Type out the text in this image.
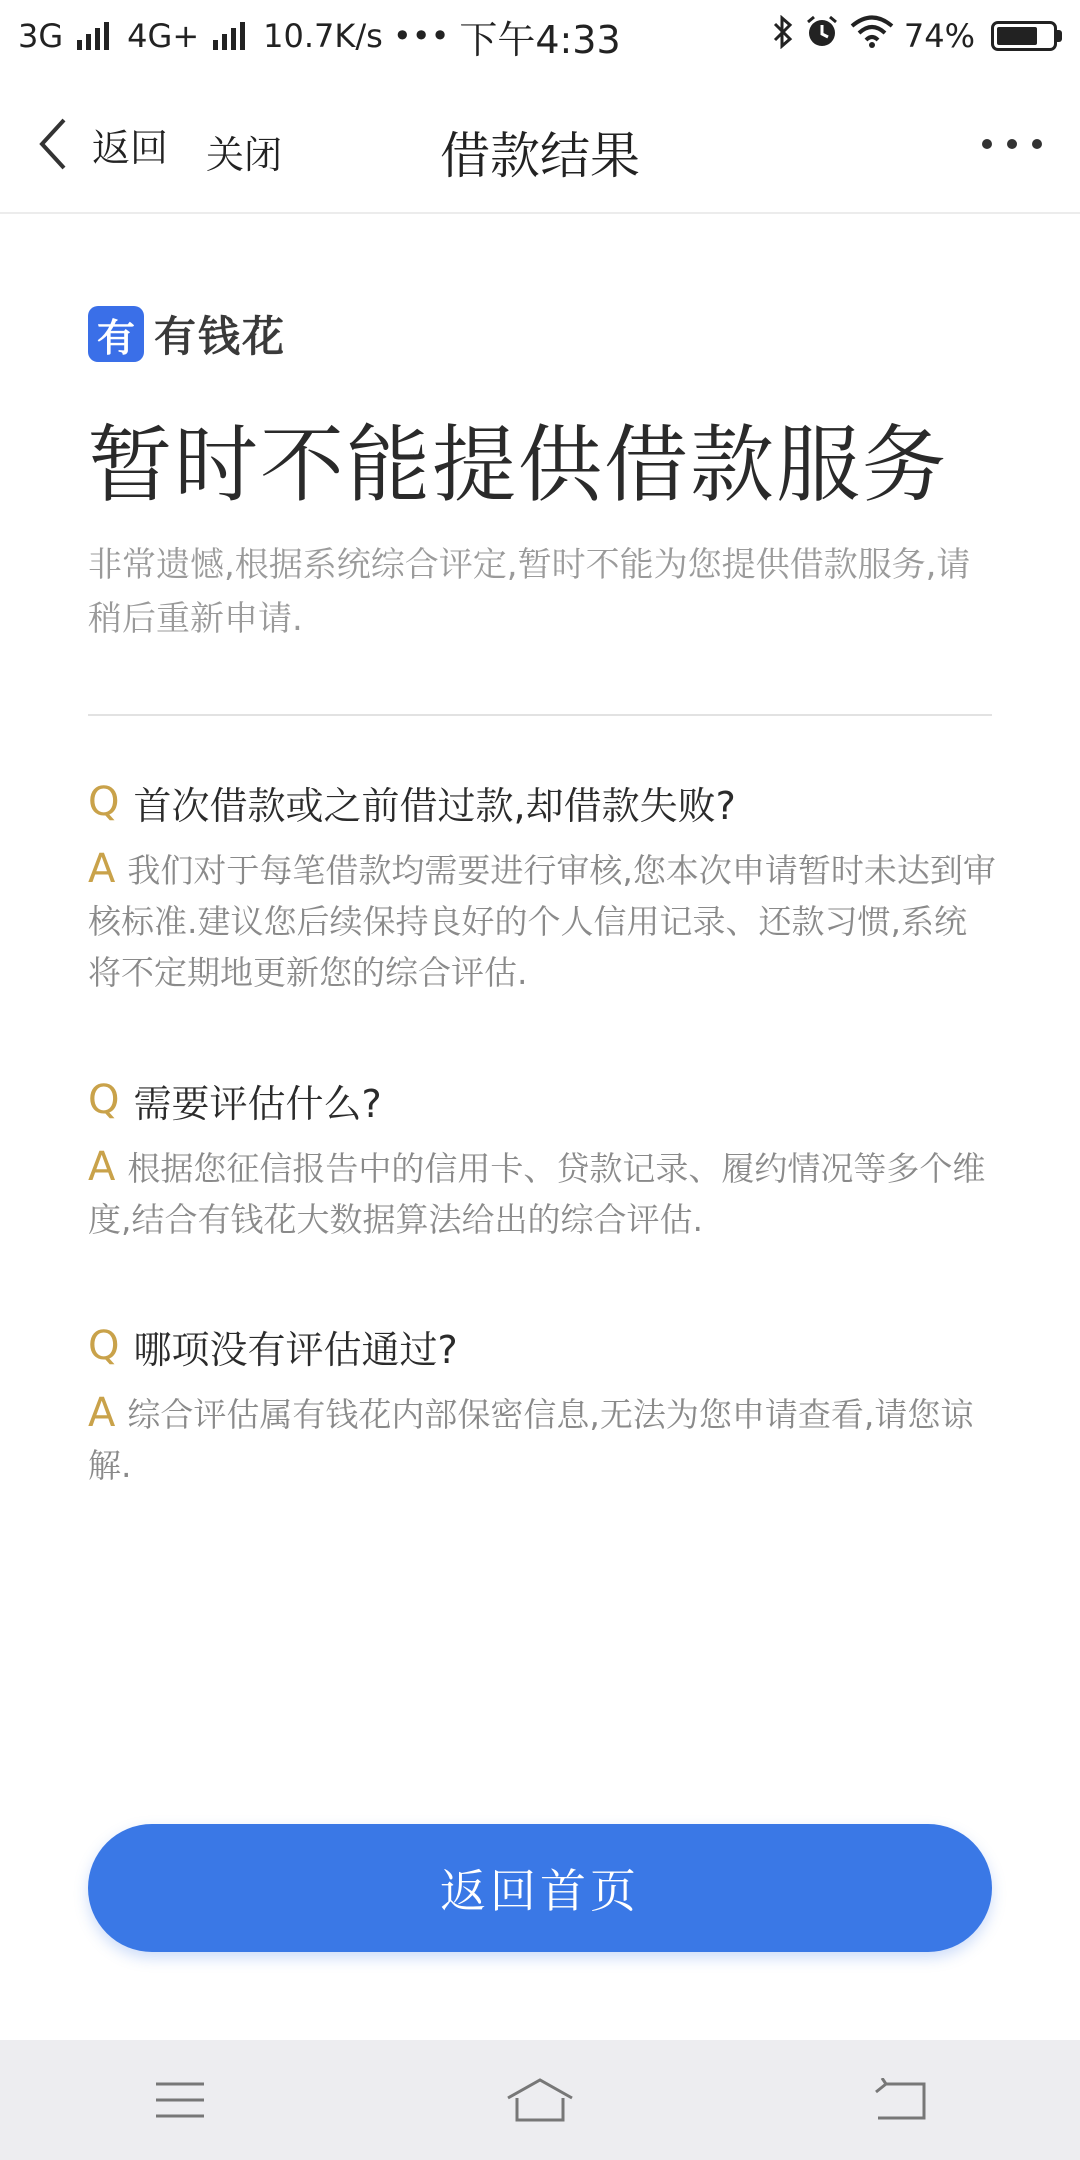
3G 4G+ 10.7K/s ••• 下午4:33	74%
返回 关闭	借款结果
有 有钱花
暂时不能提供借款服务
非常遗憾,根据系统综合评定,暂时不能为您提供借款服务,请稍后重新申请.
Q 首次借款或之前借过款,却借款失败?
A 我们对于每笔借款均需要进行审核,您本次申请暂时未达到审核标准.建议您后续保持良好的个人信用记录、还款习惯,系统将不定期地更新您的综合评估.
Q 需要评估什么?
A 根据您征信报告中的信用卡、贷款记录、履约情况等多个维度,结合有钱花大数据算法给出的综合评估.
Q 哪项没有评估通过?
A 综合评估属有钱花内部保密信息,无法为您申请查看,请您谅解.
返回首页
